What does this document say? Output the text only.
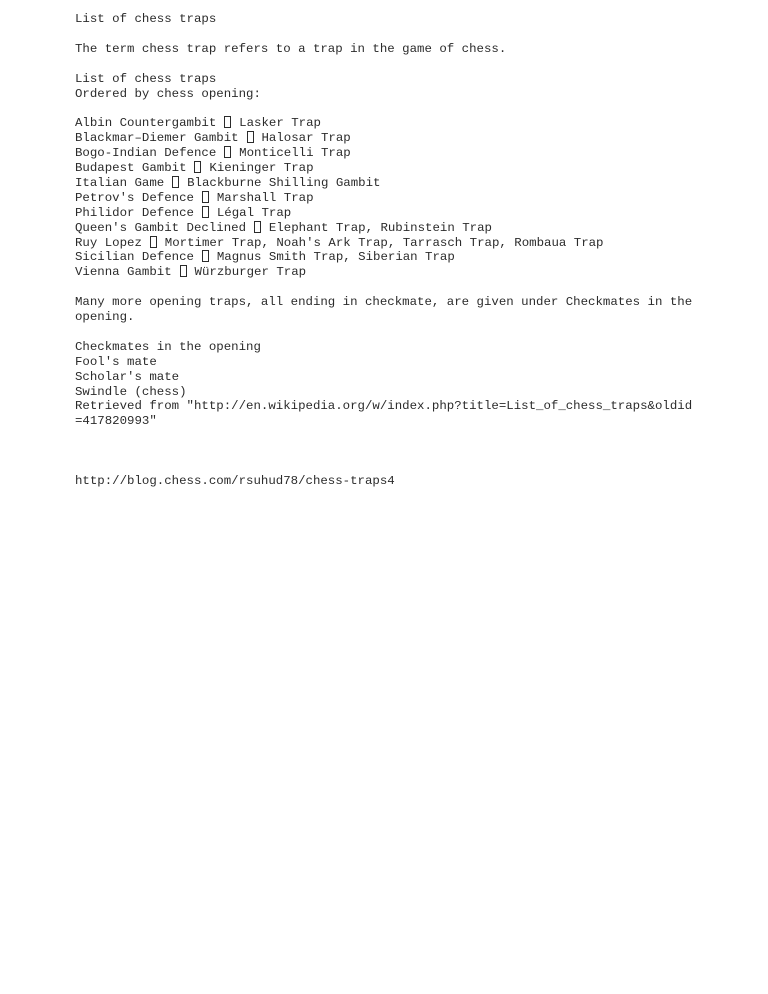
List of chess traps
The term chess trap refers to a trap in the game of chess.
List of chess traps
Ordered by chess opening:
Albin Countergambit Lasker Trap
Blackmar–Diemer Gambit Halosar Trap
Bogo-Indian Defence Monticelli Trap
Budapest Gambit Kieninger Trap
Italian Game Blackburne Shilling Gambit
Petrov's Defence Marshall Trap
Philidor Defence Légal Trap
Queen's Gambit Declined Elephant Trap, Rubinstein Trap
Ruy Lopez Mortimer Trap, Noah's Ark Trap, Tarrasch Trap, Rombaua Trap
Sicilian Defence Magnus Smith Trap, Siberian Trap
Vienna Gambit Würzburger Trap
Many more opening traps, all ending in checkmate, are given under Checkmates in the opening.
Checkmates in the opening
Fool's mate
Scholar's mate
Swindle (chess)
Retrieved from "http://en.wikipedia.org/w/index.php?title=List_of_chess_traps&oldid=417820993"
http://blog.chess.com/rsuhud78/chess-traps4
